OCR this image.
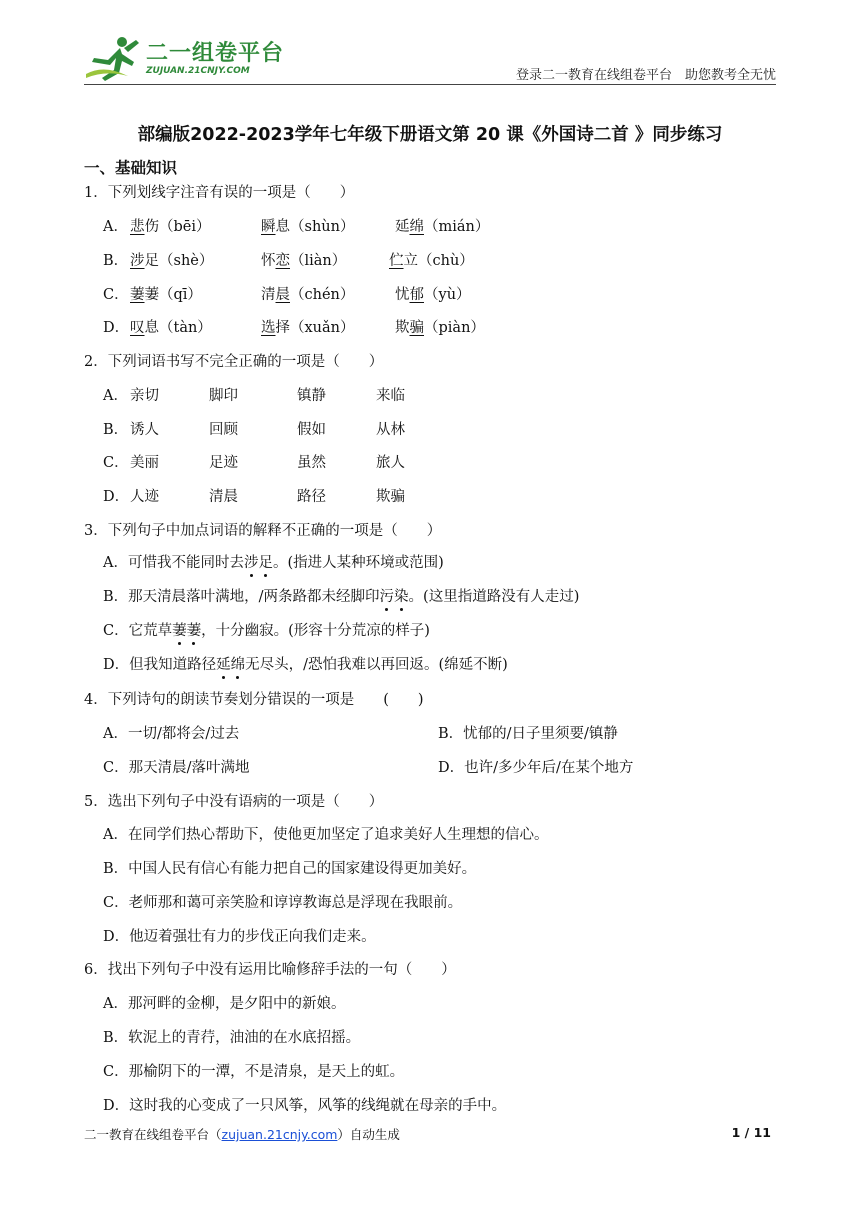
二一组卷平台
ZUJUAN.21CNJY.COM	登录二一教育在线组卷平台　助您教考全无忧
部编版2022-2023学年七年级下册语文第 20 课《外国诗二首 》同步练习
一、基础知识
1．下列划线字注音有误的一项是（　　）
A． 悲伤（bēi）	瞬息（shùn）	延绵（mián）
B． 涉足（shè）	怀恋（liàn）	伫立（chù）
C． 萋萋（qī）	清晨（chén）	忧郁（yù）
D． 叹息（tàn）	选择（xuǎn）	欺骗（piàn）
2．下列词语书写不完全正确的一项是（　　）
A． 亲切	脚印	镇静	来临
B． 诱人	回顾	假如	从林
C． 美丽	足迹	虽然	旅人
D． 人迹	清晨	路径	欺骗
3．下列句子中加点词语的解释不正确的一项是（　　）
A．可惜我不能同时去涉足。(指进人某种环境或范围)
B．那天清晨落叶满地，/两条路都未经脚印污染。(这里指道路没有人走过)
C．它荒草萋萋，十分幽寂。(形容十分荒凉的样子)
D．但我知道路径延绵无尽头，/恐怕我难以再回返。(绵延不断)
4．下列诗句的朗读节奏划分错误的一项是　　(　　)
A．一切/都将会/过去	B．忧郁的/日子里须要/镇静
C．那天清晨/落叶满地	D．也许/多少年后/在某个地方
5．选出下列句子中没有语病的一项是（　　）
A．在同学们热心帮助下，使他更加坚定了追求美好人生理想的信心。
B．中国人民有信心有能力把自己的国家建设得更加美好。
C．老师那和蔼可亲笑脸和谆谆教诲总是浮现在我眼前。
D．他迈着强壮有力的步伐正向我们走来。
6．找出下列句子中没有运用比喻修辞手法的一句（　　）
A．那河畔的金柳，是夕阳中的新娘。
B．软泥上的青荇，油油的在水底招摇。
C．那榆阴下的一潭，不是清泉，是天上的虹。
D．这时我的心变成了一只风筝，风筝的线绳就在母亲的手中。
二一教育在线组卷平台（zujuan.21cnjy.com）自动生成	1 / 11
